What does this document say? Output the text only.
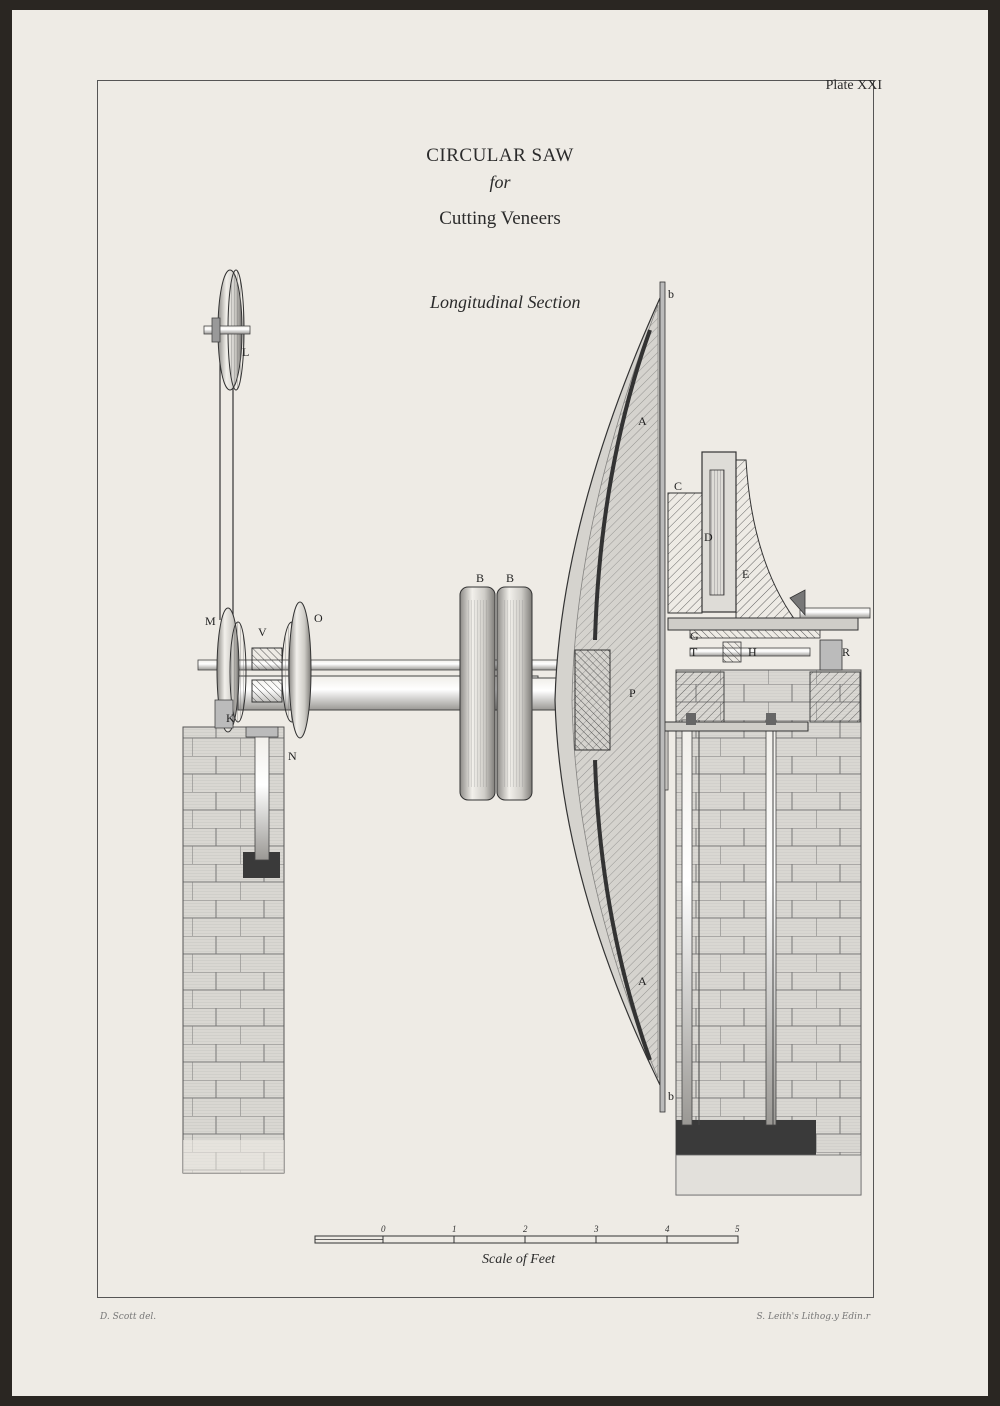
Plate XXI
CIRCULAR SAW
for
Cutting Veneers
Longitudinal Section
L
M
V
O
K
N
B B
P
A
A
b
b
C
D
E
G
T	H	R
0	1	2	3	4	5
Scale of Feet
D. Scott del.	S. Leith's Lithog.y Edin.r
